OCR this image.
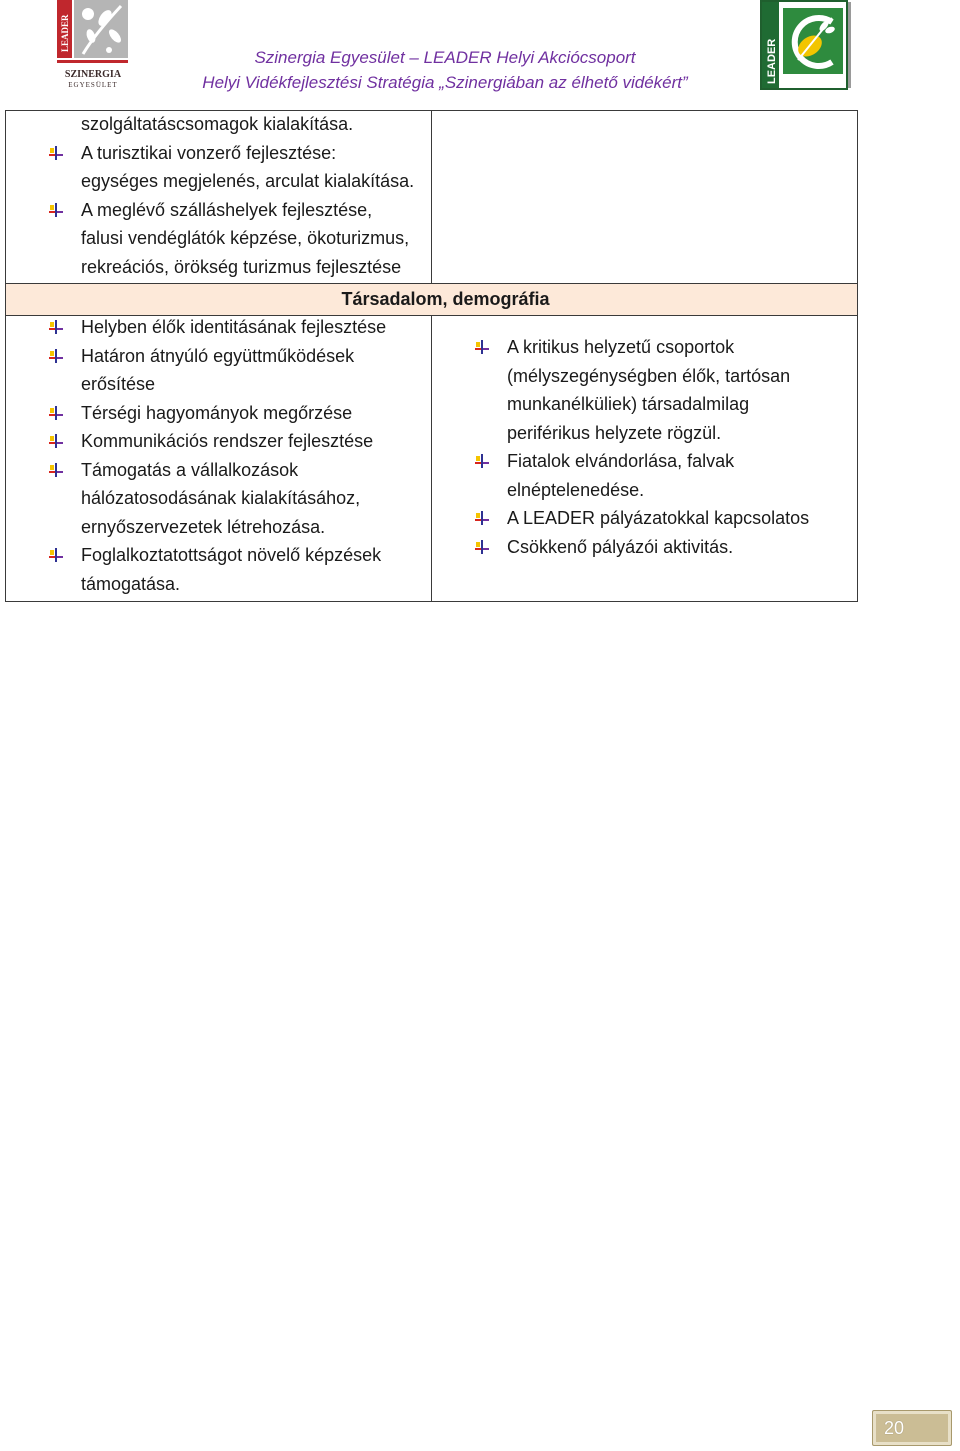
LEADER
SZINERGIA
EGYESÜLET
Szinergia Egyesület – LEADER Helyi Akciócsoport
Helyi Vidékfejlesztési Stratégia „Szinergiában az élhető vidékért”	LEADER
Társadalom, demográfia
szolgáltatáscsomagok kialakítása.
A turisztikai vonzerő fejlesztése:
egységes megjelenés, arculat kialakítása.
A meglévő szálláshelyek fejlesztése,
falusi vendéglátók képzése, ökoturizmus,
rekreációs, örökség turizmus fejlesztése
Helyben élők identitásának fejlesztése
Határon átnyúló együttműködések
erősítése
Térségi hagyományok megőrzése
Kommunikációs rendszer fejlesztése
Támogatás a vállalkozások
hálózatosodásának kialakításához,
ernyőszervezetek létrehozása.
Foglalkoztatottságot növelő képzések
támogatása.
A kritikus helyzetű csoportok
(mélyszegénységben élők, tartósan
munkanélküliek) társadalmilag
periférikus helyzete rögzül.
Fiatalok elvándorlása, falvak
elnéptelenedése.
A LEADER pályázatokkal kapcsolatos
Csökkenő pályázói aktivitás.
20
